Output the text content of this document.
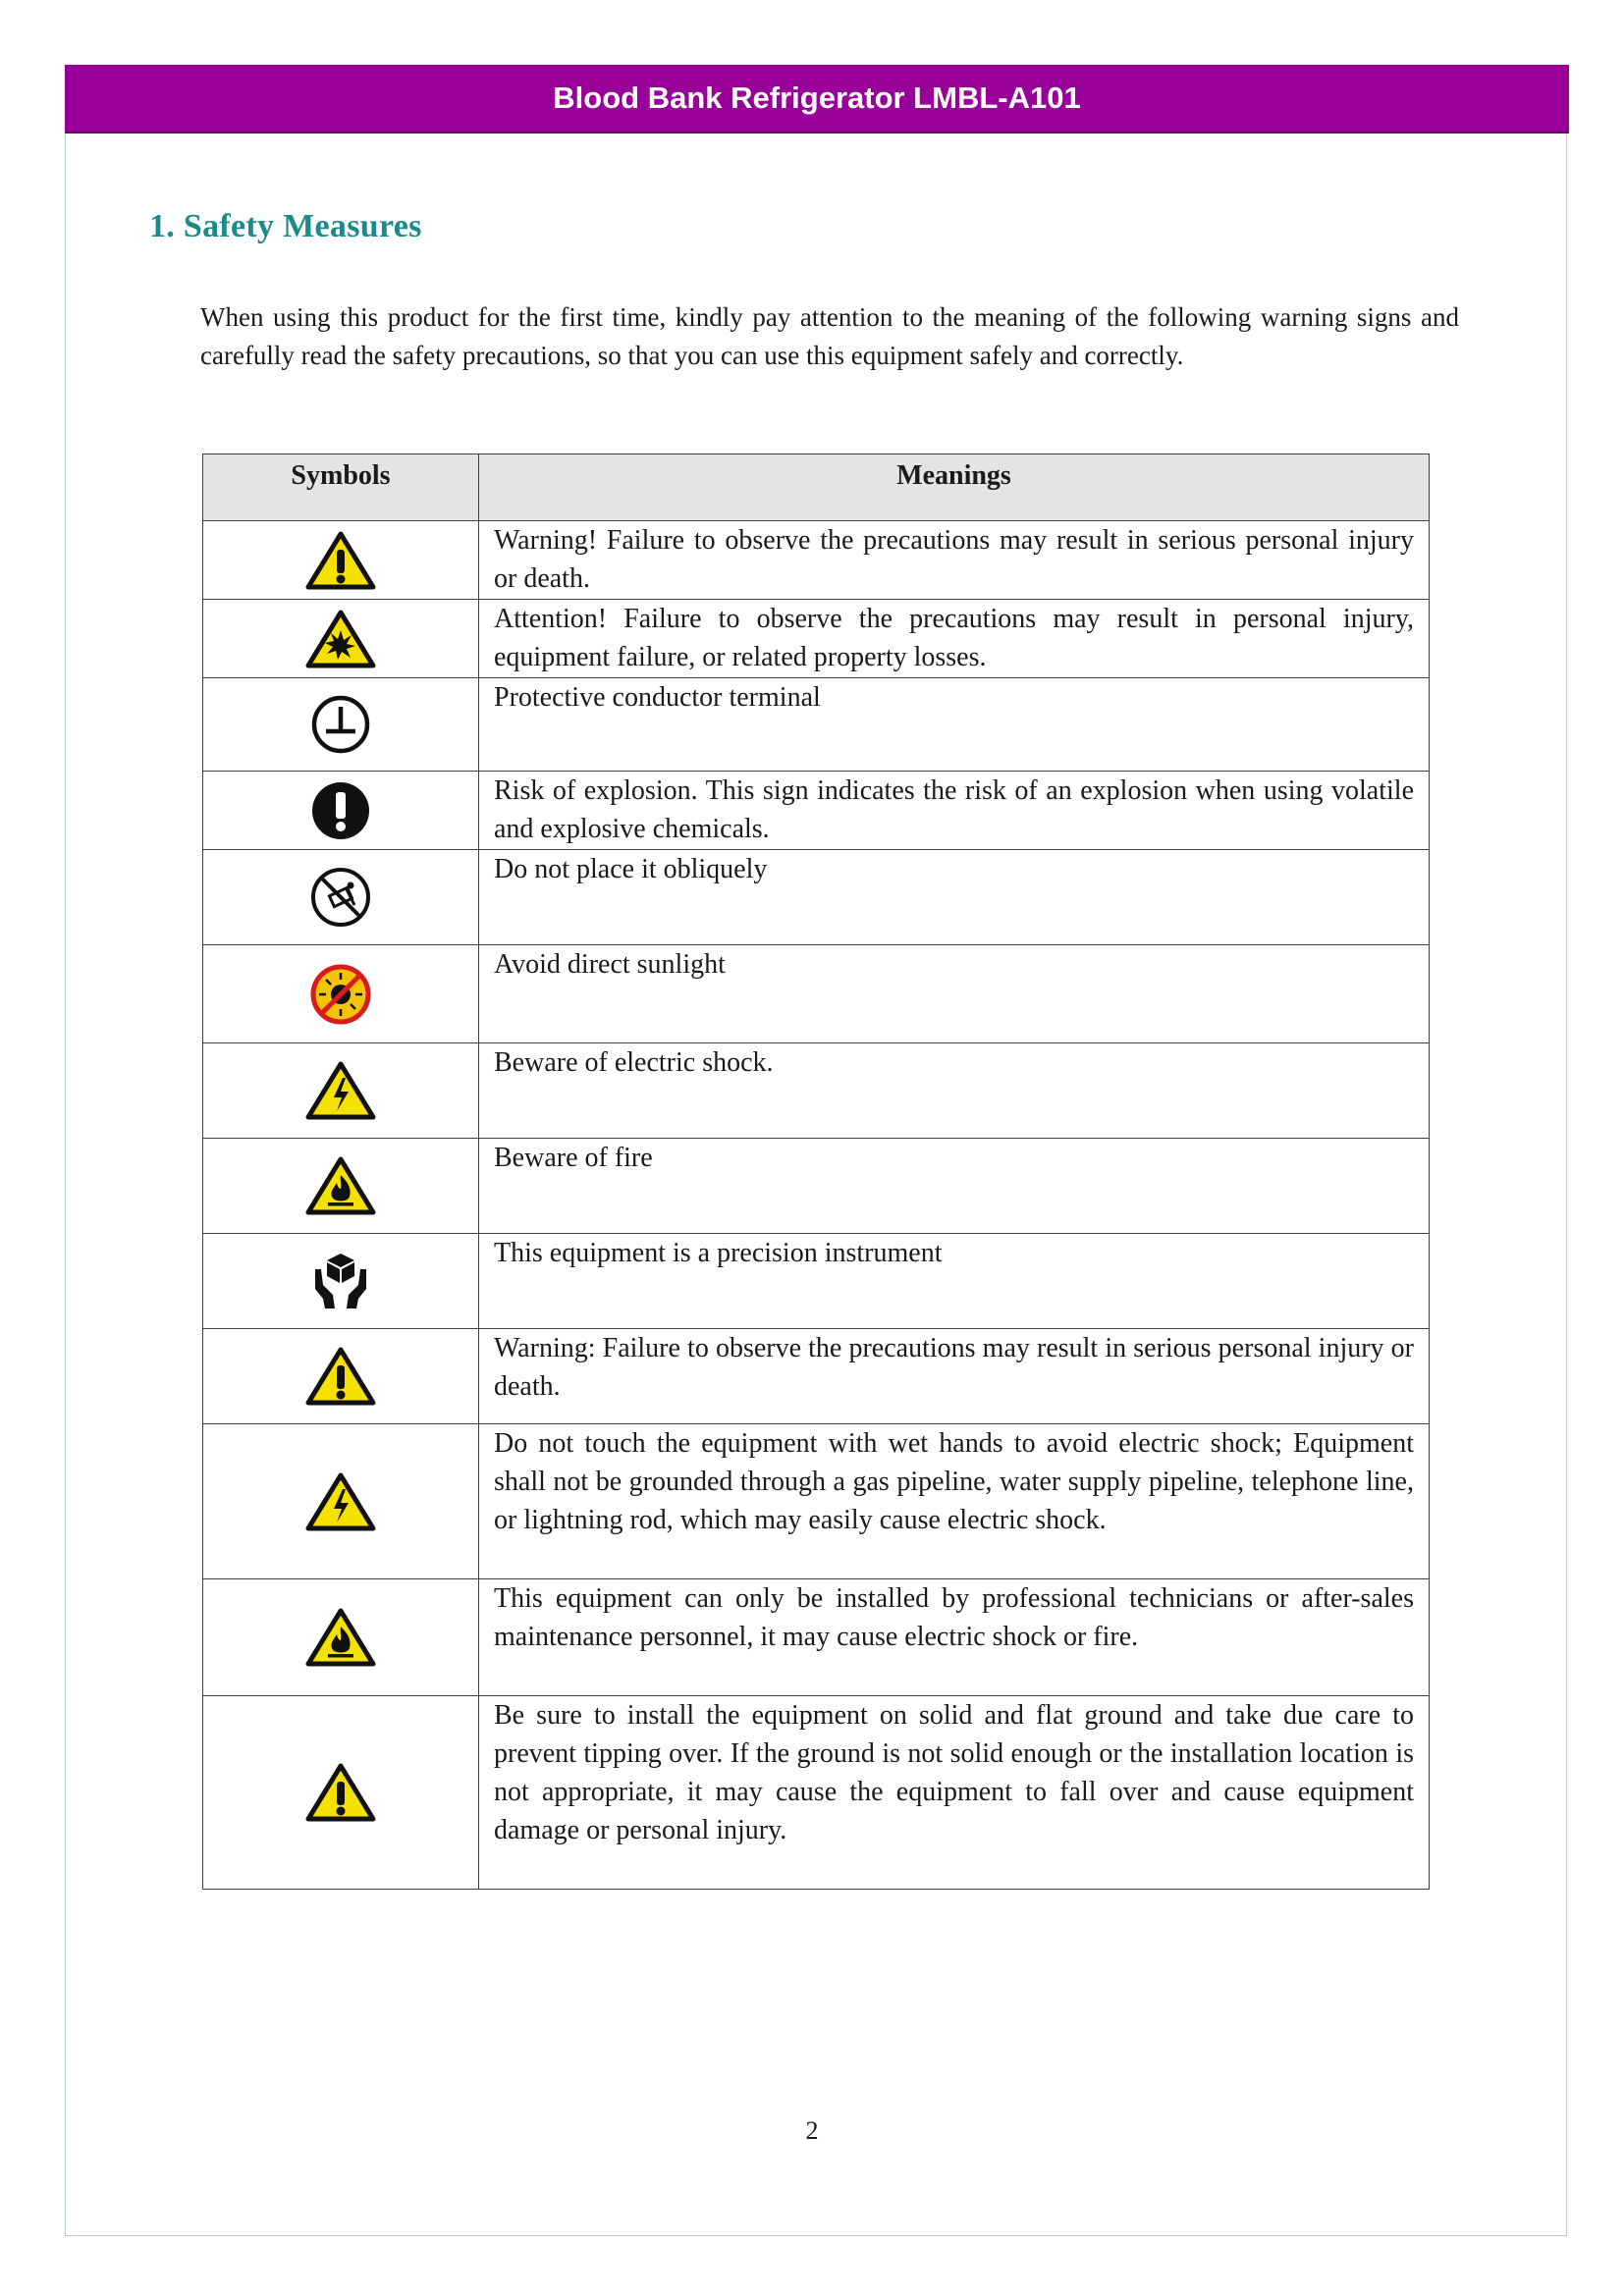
Blood Bank Refrigerator LMBL-A101
1. Safety Measures

When using this product for the first time, kindly pay attention to the meaning of the following warning signs and carefully read the safety precautions, so that you can use this equipment safely and correctly.

Symbols	Meanings
	Warning! Failure to observe the precautions may result in serious personal injury or death.
	Attention! Failure to observe the precautions may result in personal injury, equipment failure, or related property losses.
	Protective conductor terminal
	Risk of explosion. This sign indicates the risk of an explosion when using volatile and explosive chemicals.
	Do not place it obliquely
	Avoid direct sunlight
	Beware of electric shock.
	Beware of fire
	This equipment is a precision instrument
	Warning: Failure to observe the precautions may result in serious personal injury or death.
	Do not touch the equipment with wet hands to avoid electric shock; Equipment shall not be grounded through a gas pipeline, water supply pipeline, telephone line, or lightning rod, which may easily cause electric shock.
	This equipment can only be installed by professional technicians or after-sales maintenance personnel, it may cause electric shock or fire.
	Be sure to install the equipment on solid and flat ground and take due care to prevent tipping over. If the ground is not solid enough or the installation location is not appropriate, it may cause the equipment to fall over and cause equipment damage or personal injury.
2
